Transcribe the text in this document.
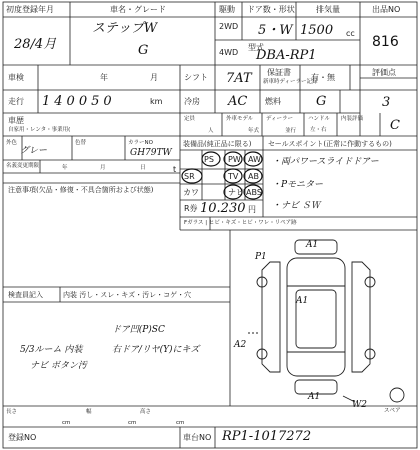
初度登録年月
28/4月
車名・グレード
ステップW
G
駆動
2WD
4WD
ドア数・形状
5・W
排気量
1500 cc
型式
DBA-RP1
出品NO
816
車検	年	月	シフト 7AT 保証書
新車時ディーラー記録
有・無
評価点
3
走行 140050	km	冷房 AC 燃料	G
車歴
自家用・レンタ・事業用(
定員
人
外車モデル
年式
ディーラー
並行
ハンドル
左・右
内装評価 C
外色
グレー
色替	カラーNO
GH79TW
名義変更期限	年	月	日	t
注意事項(欠品・修復・不具合箇所および状態)
装備品(純正品に限る)
PS PW AW
SR	TV AB
カワ	ナビ ABS
R券 10.230 円
セールスポイント(正常に作動するもの)
・両パワースライドドアー
・Pモニター
・ナビ ＳＷ
Fガラス | ヒビ・キズ・ヒビ・ワレ・リペア跡
検査員記入	内装 汚し・スレ・キズ・汚レ・コゲ・穴
ドア凹(P)SC
5/3ルーム 内装	右ドア/リヤ(Y)にキズ
ナビ ボタン汚
A1
P1
A1
A2
W2
A1
スペア
長さ
cm
幅
cm
高さ
cm
登録NO	車台NO RP1-1017272
